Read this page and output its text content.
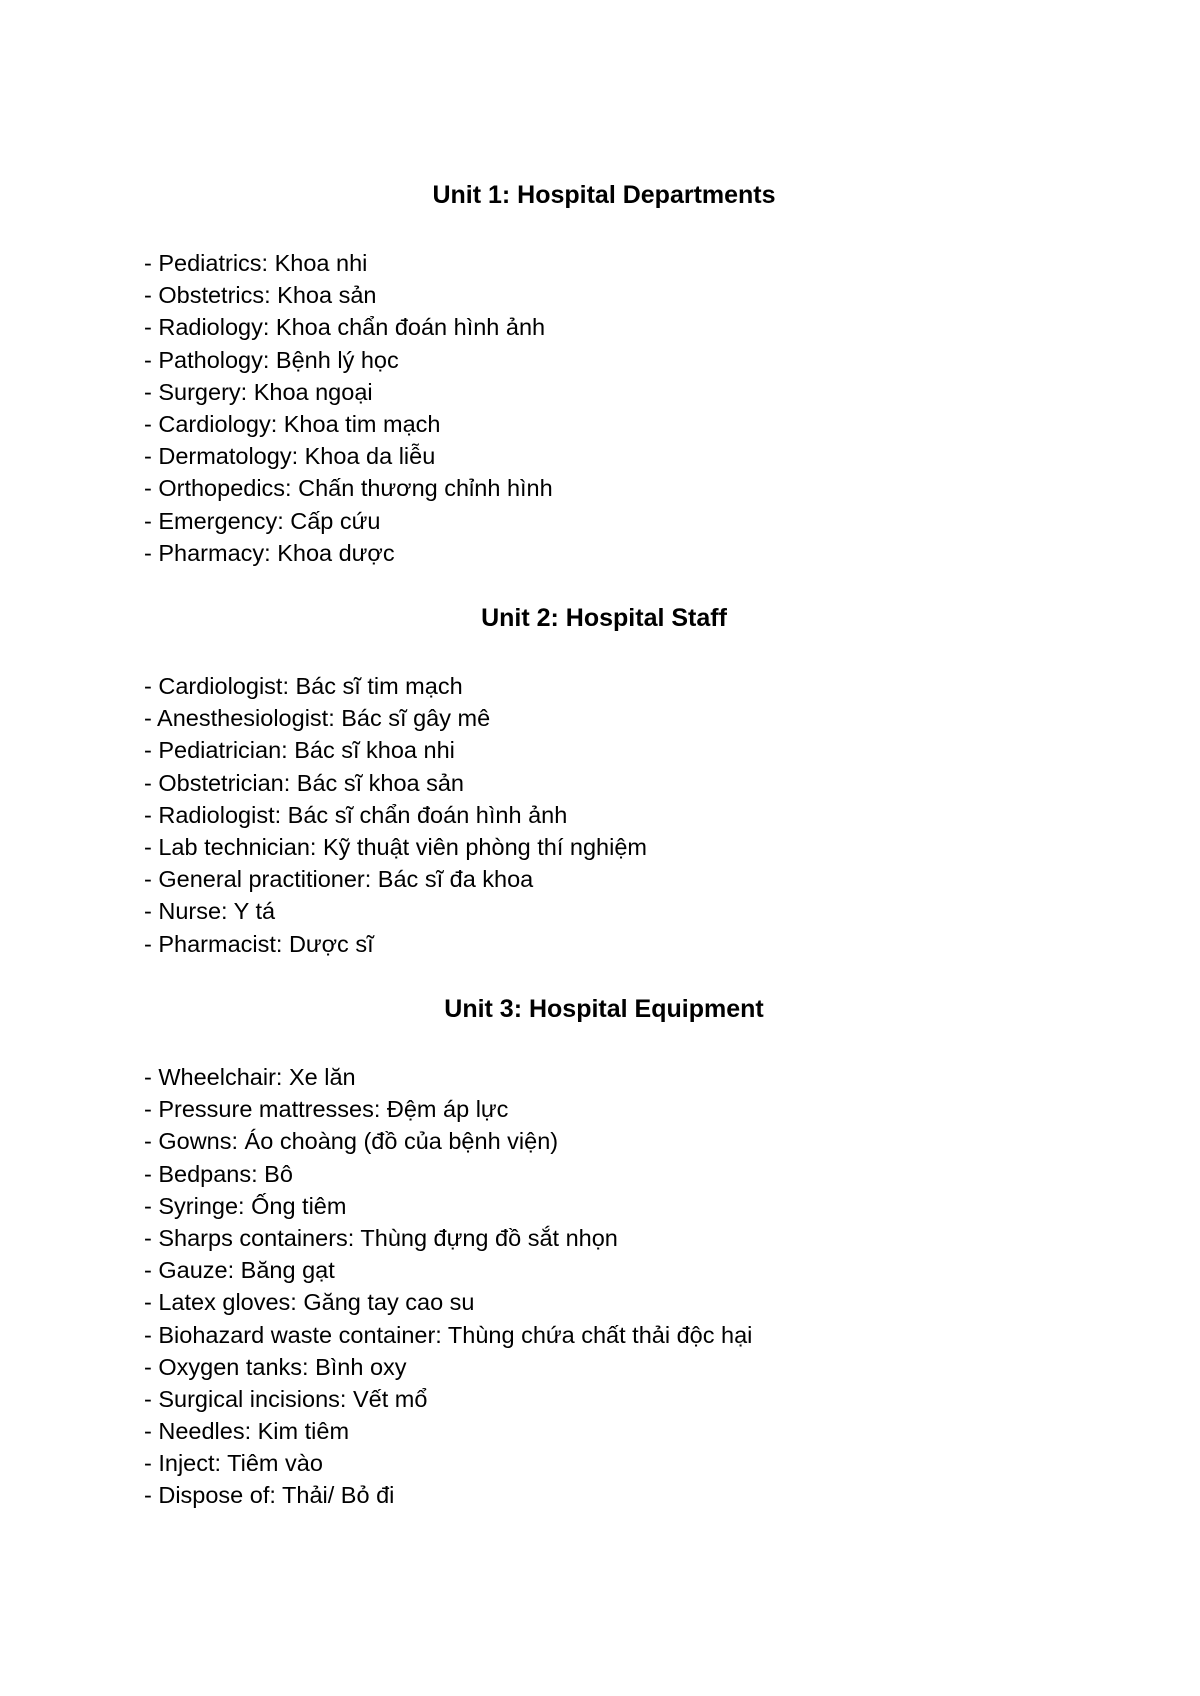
Unit 1: Hospital Departments
- Pediatrics: Khoa nhi
- Obstetrics: Khoa sản
- Radiology: Khoa chẩn đoán hình ảnh
- Pathology: Bệnh lý học
- Surgery: Khoa ngoại
- Cardiology: Khoa tim mạch
- Dermatology: Khoa da liễu
- Orthopedics: Chấn thương chỉnh hình
- Emergency: Cấp cứu
- Pharmacy: Khoa dược
Unit 2: Hospital Staff
- Cardiologist: Bác sĩ tim mạch
- Anesthesiologist: Bác sĩ gây mê
- Pediatrician: Bác sĩ khoa nhi
- Obstetrician: Bác sĩ khoa sản
- Radiologist: Bác sĩ chẩn đoán hình ảnh
- Lab technician: Kỹ thuật viên phòng thí nghiệm
- General practitioner: Bác sĩ đa khoa
- Nurse: Y tá
- Pharmacist: Dược sĩ
Unit 3: Hospital Equipment
- Wheelchair: Xe lăn
- Pressure mattresses: Đệm áp lực
- Gowns: Áo choàng (đồ của bệnh viện)
- Bedpans: Bô
- Syringe: Ống tiêm
- Sharps containers: Thùng đựng đồ sắt nhọn
- Gauze: Băng gạt
- Latex gloves: Găng tay cao su
- Biohazard waste container: Thùng chứa chất thải độc hại
- Oxygen tanks: Bình oxy
- Surgical incisions: Vết mổ
- Needles: Kim tiêm
- Inject: Tiêm vào
- Dispose of: Thải/ Bỏ đi
